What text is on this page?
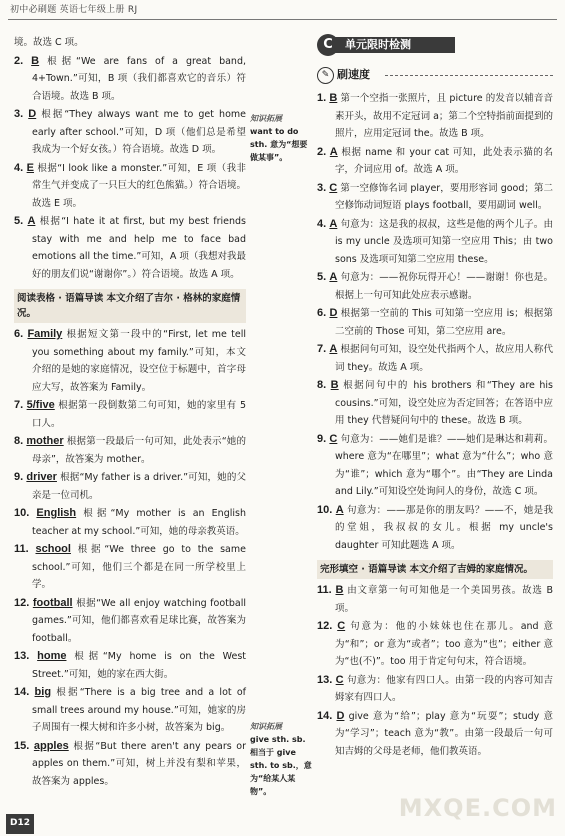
初中必刷题 英语七年级上册 RJ
境。故选 C 项。
2. B 根据“We are fans of a great band, 4+Town.”可知，B 项（我们都喜欢它的音乐）符合语境。故选 B 项。
3. D 根据“They always want me to get home early after school.”可知，D 项（他们总是希望我成为一个好女孩。）符合语境。故选 D 项。
4. E 根据“I look like a monster.”可知，E 项（我非常生气并变成了一只巨大的红色熊猫。）符合语境。故选 E 项。
5. A 根据“I hate it at first, but my best friends stay with me and help me to face bad emotions all the time.”可知，A 项（我想对我最好的朋友们说“谢谢你”。）符合语境。故选 A 项。
阅读表格 · 语篇导读 本文介绍了吉尔 · 格林的家庭情况。
6. Family 根据短文第一段中的“First, let me tell you something about my family.”可知，本文介绍的是她的家庭情况，设空位于标题中，首字母应大写，故答案为 Family。
7. 5/five 根据第一段倒数第二句可知，她的家里有 5 口人。
8. mother 根据第一段最后一句可知，此处表示“她的母亲”，故答案为 mother。
9. driver 根据“My father is a driver.”可知，她的父亲是一位司机。
10. English 根据“My mother is an English teacher at my school.”可知，她的母亲教英语。
11. school 根据“We three go to the same school.”可知，他们三个都是在同一所学校里上学。
12. football 根据“We all enjoy watching football games.”可知，他们都喜欢看足球比赛，故答案为 football。
13. home 根据“My home is on the West Street.”可知，她的家在西大街。
14. big 根据“There is a big tree and a lot of small trees around my house.”可知，她家的房子周围有一棵大树和许多小树，故答案为 big。
15. apples 根据“But there aren't any pears or apples on them.”可知，树上并没有梨和苹果，故答案为 apples。
单元限时检测
C
✎ 刷速度
1. B 第一个空指一张照片，且 picture 的发音以辅音音素开头，故用不定冠词 a；第二个空特指前面提到的照片，应用定冠词 the。故选 B 项。
2. A 根据 name 和 your cat 可知，此处表示猫的名字，介词应用 of。故选 A 项。
3. C 第一空修饰名词 player，要用形容词 good；第二空修饰动词短语 plays football，要用副词 well。
4. A 句意为：这是我的叔叔，这些是他的两个儿子。由 is my uncle 及选项可知第一空应用 This；由 two sons 及选项可知第二空应用 these。
5. A 句意为：——祝你玩得开心！——谢谢！你也是。根据上一句可知此处应表示感谢。
6. D 根据第一空前的 This 可知第一空应用 is；根据第二空前的 Those 可知，第二空应用 are。
7. A 根据问句可知，设空处代指两个人，故应用人称代词 they。故选 A 项。
8. B 根据问句中的 his brothers 和“They are his cousins.”可知，设空处应为否定回答；在答语中应用 they 代替疑问句中的 these。故选 B 项。
9. C 句意为：——她们是谁？——她们是琳达和莉莉。where 意为“在哪里”；what 意为“什么”；who 意为“谁”；which 意为“哪个”。由“They are Linda and Lily.”可知设空处询问人的身份，故选 C 项。
10. A 句意为：——那是你的朋友吗？——不，她是我的堂姐，我叔叔的女儿。根据 my uncle's daughter 可知此题选 A 项。
完形填空 · 语篇导读 本文介绍了吉姆的家庭情况。
11. B 由文章第一句可知他是一个美国男孩。故选 B 项。
12. C 句意为：他的小妹妹也住在那儿。and 意为“和”；or 意为“或者”；too 意为“也”；either 意为“也(不)”。too 用于肯定句句末，符合语境。
13. C 句意为：他家有四口人。由第一段的内容可知吉姆家有四口人。
14. D give 意为“给”；play 意为“玩耍”；study 意为“学习”；teach 意为“教”。由第一段最后一句可知吉姆的父母是老师，他们教英语。
知识拓展
want to do sth. 意为“想要做某事”。
知识拓展
give sth. sb. 相当于 give sth. to sb.，意为“给某人某物”。
D12
MXQE.COM
